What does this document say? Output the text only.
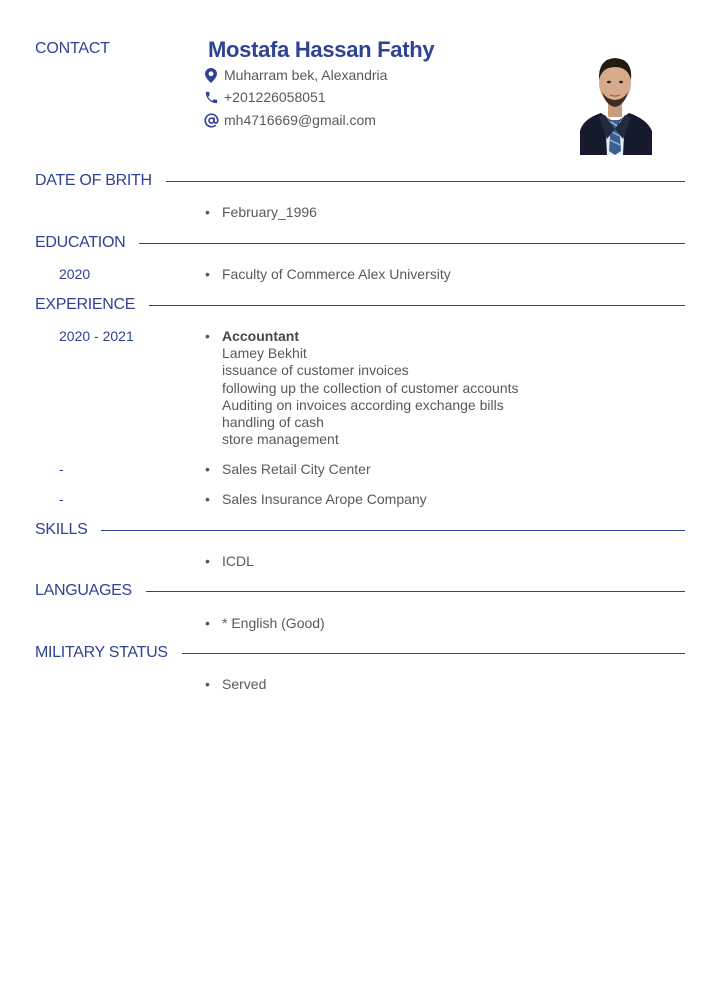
CONTACT	Mostafa Hassan Fathy
Muharram bek, Alexandria
+201226058051
mh4716669@gmail.com
DATE OF BRITH
• February_1996
EDUCATION
2020	• Faculty of Commerce Alex University
EXPERIENCE
2020 - 2021	• Accountant
Lamey Bekhit
issuance of customer invoices
following up the collection of customer accounts
Auditing on invoices according exchange bills
handling of cash
store management
-	• Sales Retail City Center
-	• Sales Insurance Arope Company
SKILLS
• ICDL
LANGUAGES
• * English (Good)
MILITARY STATUS
• Served
